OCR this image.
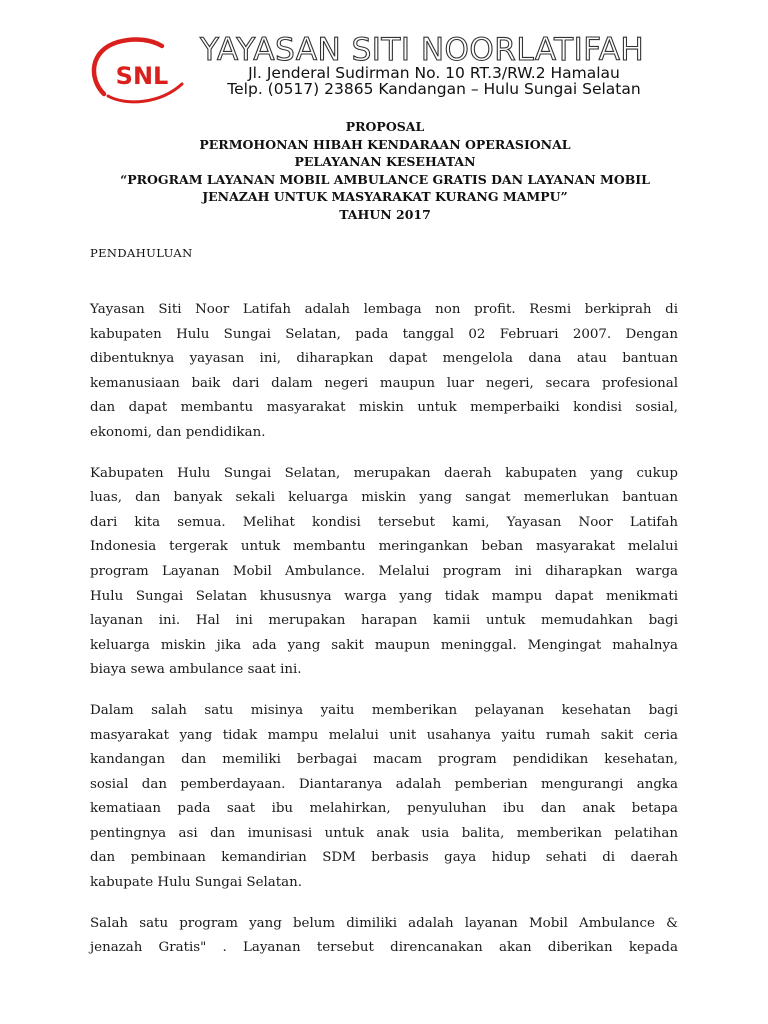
SNL
YAYASAN SITI NOORLATIFAH
Jl. Jenderal Sudirman No. 10 RT.3/RW.2 Hamalau
Telp. (0517) 23865 Kandangan – Hulu Sungai Selatan
PROPOSAL
PERMOHONAN HIBAH KENDARAAN OPERASIONAL
PELAYANAN KESEHATAN
“PROGRAM LAYANAN MOBIL AMBULANCE GRATIS DAN LAYANAN MOBIL
JENAZAH UNTUK MASYARAKAT KURANG MAMPU”
TAHUN 2017
PENDAHULUAN
Yayasan Siti Noor Latifah adalah lembaga non profit. Resmi berkiprah di
kabupaten Hulu Sungai Selatan, pada tanggal 02 Februari 2007. Dengan
dibentuknya yayasan ini, diharapkan dapat mengelola dana atau bantuan
kemanusiaan baik dari dalam negeri maupun luar negeri, secara profesional
dan dapat membantu masyarakat miskin untuk memperbaiki kondisi sosial,
ekonomi, dan pendidikan.
Kabupaten Hulu Sungai Selatan, merupakan daerah kabupaten yang cukup
luas, dan banyak sekali keluarga miskin yang sangat memerlukan bantuan
dari kita semua. Melihat kondisi tersebut kami, Yayasan Noor Latifah
Indonesia tergerak untuk membantu meringankan beban masyarakat melalui
program Layanan Mobil Ambulance. Melalui program ini diharapkan warga
Hulu Sungai Selatan khususnya warga yang tidak mampu dapat menikmati
layanan ini. Hal ini merupakan harapan kamii untuk memudahkan bagi
keluarga miskin jika ada yang sakit maupun meninggal. Mengingat mahalnya
biaya sewa ambulance saat ini.
Dalam salah satu misinya yaitu memberikan pelayanan kesehatan bagi
masyarakat yang tidak mampu melalui unit usahanya yaitu rumah sakit ceria
kandangan dan memiliki berbagai macam program pendidikan kesehatan,
sosial dan pemberdayaan. Diantaranya adalah pemberian mengurangi angka
kematiaan pada saat ibu melahirkan, penyuluhan ibu dan anak betapa
pentingnya asi dan imunisasi untuk anak usia balita, memberikan pelatihan
dan pembinaan kemandirian SDM berbasis gaya hidup sehati di daerah
kabupate Hulu Sungai Selatan.
Salah satu program yang belum dimiliki adalah layanan Mobil Ambulance &
jenazah Gratis" . Layanan tersebut direncanakan akan diberikan kepada
